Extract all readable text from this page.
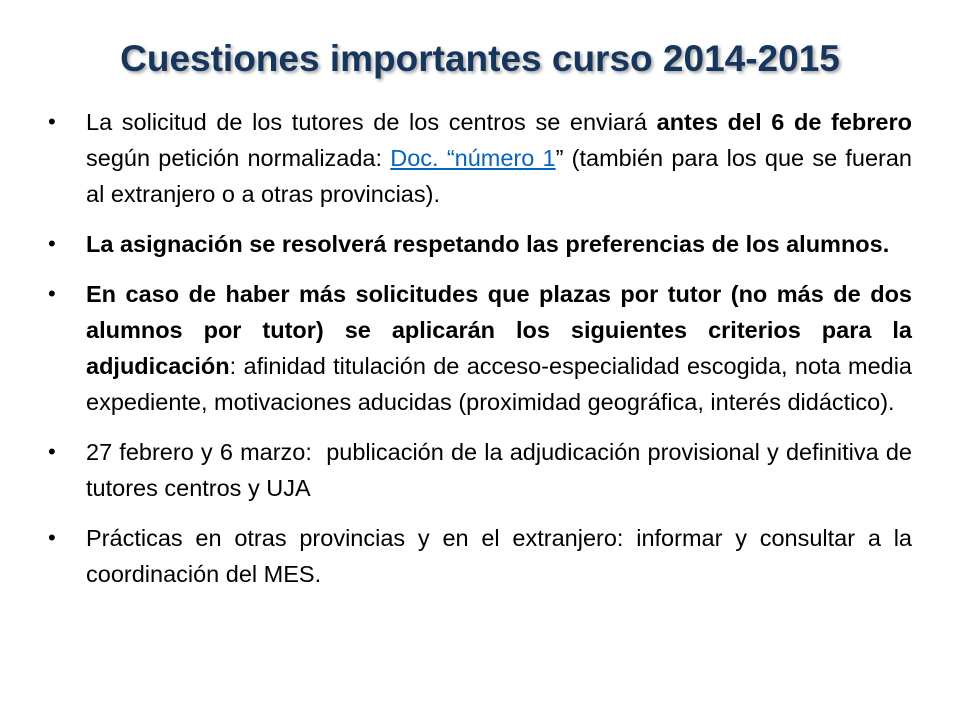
Cuestiones importantes curso 2014-2015
• La solicitud de los tutores de los centros se enviará antes del 6 de febrero según petición normalizada: Doc. “número 1” (también para los que se fueran al extranjero o a otras provincias).
• La asignación se resolverá respetando las preferencias de los alumnos.
• En caso de haber más solicitudes que plazas por tutor (no más de dos alumnos por tutor) se aplicarán los siguientes criterios para la adjudicación: afinidad titulación de acceso-especialidad escogida, nota media expediente, motivaciones aducidas (proximidad geográfica, interés didáctico).
• 27 febrero y 6 marzo:  publicación de la adjudicación provisional y definitiva de tutores centros y UJA
• Prácticas en otras provincias y en el extranjero: informar y consultar a la coordinación del MES.
